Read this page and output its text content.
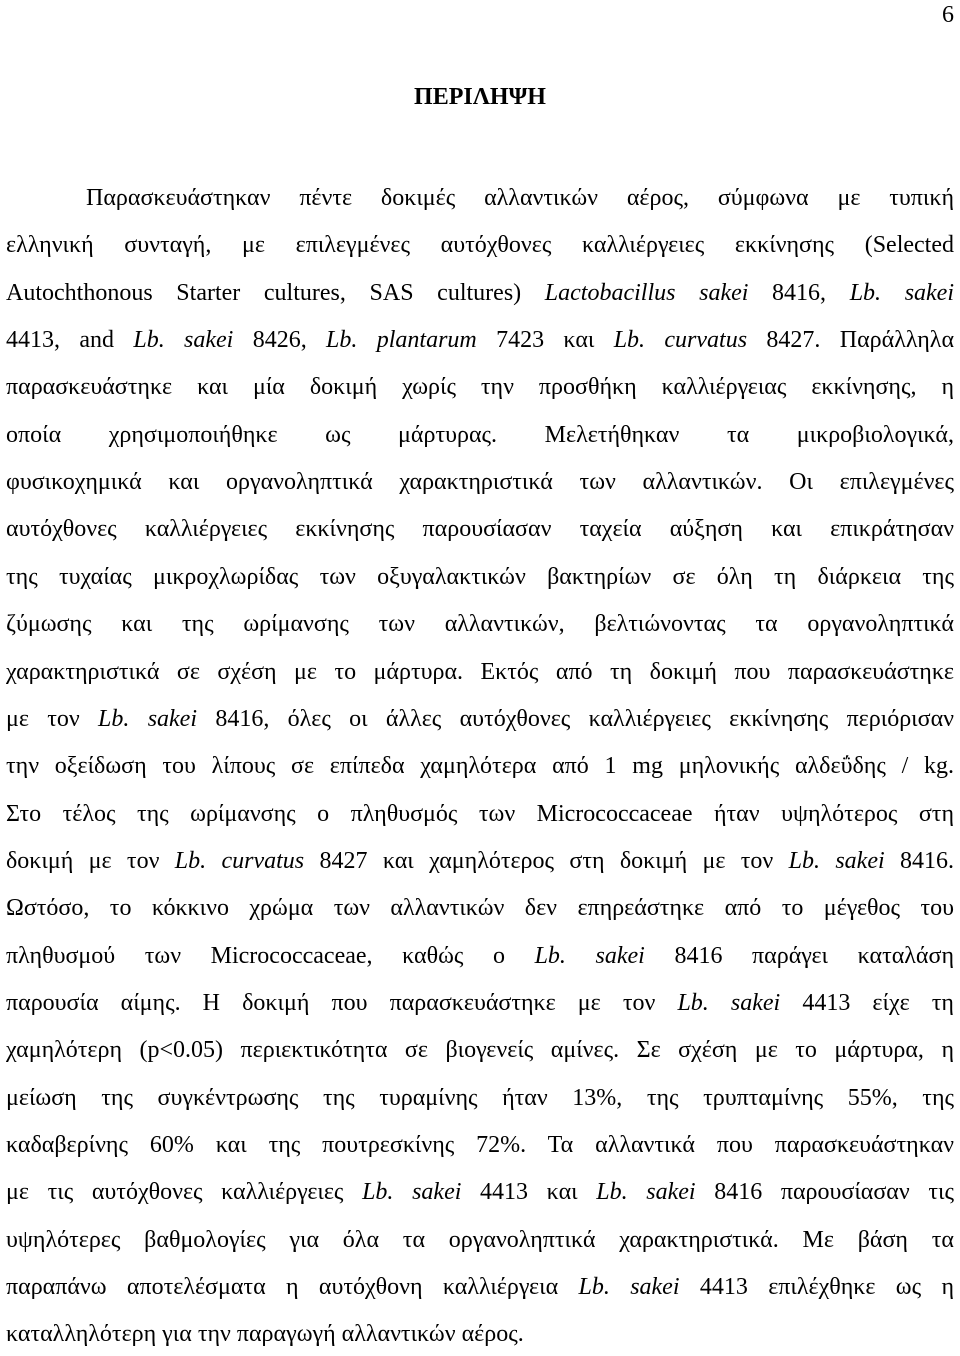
6
ΠΕΡΙΛΗΨΗ
Παρασκευάστηκαν πέντε δοκιμές αλλαντικών αέρος, σύμφωνα με τυπική
ελληνική συνταγή, με επιλεγμένες αυτόχθονες καλλιέργειες εκκίνησης (Selected
Autochthonous Starter cultures, SAS cultures) Lactobacillus sakei 8416, Lb. sakei
4413, and Lb. sakei 8426, Lb. plantarum 7423 και Lb. curvatus 8427. Παράλληλα
παρασκευάστηκε και μία δοκιμή χωρίς την προσθήκη καλλιέργειας εκκίνησης, η
οποία χρησιμοποιήθηκε ως μάρτυρας. Μελετήθηκαν τα μικροβιολογικά,
φυσικοχημικά και οργανοληπτικά χαρακτηριστικά των αλλαντικών. Οι επιλεγμένες
αυτόχθονες καλλιέργειες εκκίνησης παρουσίασαν ταχεία αύξηση και επικράτησαν
της τυχαίας μικροχλωρίδας των οξυγαλακτικών βακτηρίων σε όλη τη διάρκεια της
ζύμωσης και της ωρίμανσης των αλλαντικών, βελτιώνοντας τα οργανοληπτικά
χαρακτηριστικά σε σχέση με το μάρτυρα. Εκτός από τη δοκιμή που παρασκευάστηκε
με τον Lb. sakei 8416, όλες οι άλλες αυτόχθονες καλλιέργειες εκκίνησης περιόρισαν
την οξείδωση του λίπους σε επίπεδα χαμηλότερα από 1 mg μηλονικής αλδεΰδης / kg.
Στο τέλος της ωρίμανσης ο πληθυσμός των Micrococcaceae ήταν υψηλότερος στη
δοκιμή με τον Lb. curvatus 8427 και χαμηλότερος στη δοκιμή με τον Lb. sakei 8416.
Ωστόσο, το κόκκινο χρώμα των αλλαντικών δεν επηρεάστηκε από το μέγεθος του
πληθυσμού των Micrococcaceae, καθώς ο Lb. sakei 8416 παράγει καταλάση
παρουσία αίμης. Η δοκιμή που παρασκευάστηκε με τον Lb. sakei 4413 είχε τη
χαμηλότερη (p<0.05) περιεκτικότητα σε βιογενείς αμίνες. Σε σχέση με το μάρτυρα, η
μείωση της συγκέντρωσης της τυραμίνης ήταν 13%, της τρυπταμίνης 55%, της
καδαβερίνης 60% και της πουτρεσκίνης 72%. Τα αλλαντικά που παρασκευάστηκαν
με τις αυτόχθονες καλλιέργειες Lb. sakei 4413 και Lb. sakei 8416 παρουσίασαν τις
υψηλότερες βαθμολογίες για όλα τα οργανοληπτικά χαρακτηριστικά. Με βάση τα
παραπάνω αποτελέσματα η αυτόχθονη καλλιέργεια Lb. sakei 4413 επιλέχθηκε ως η
καταλληλότερη για την παραγωγή αλλαντικών αέρος.
